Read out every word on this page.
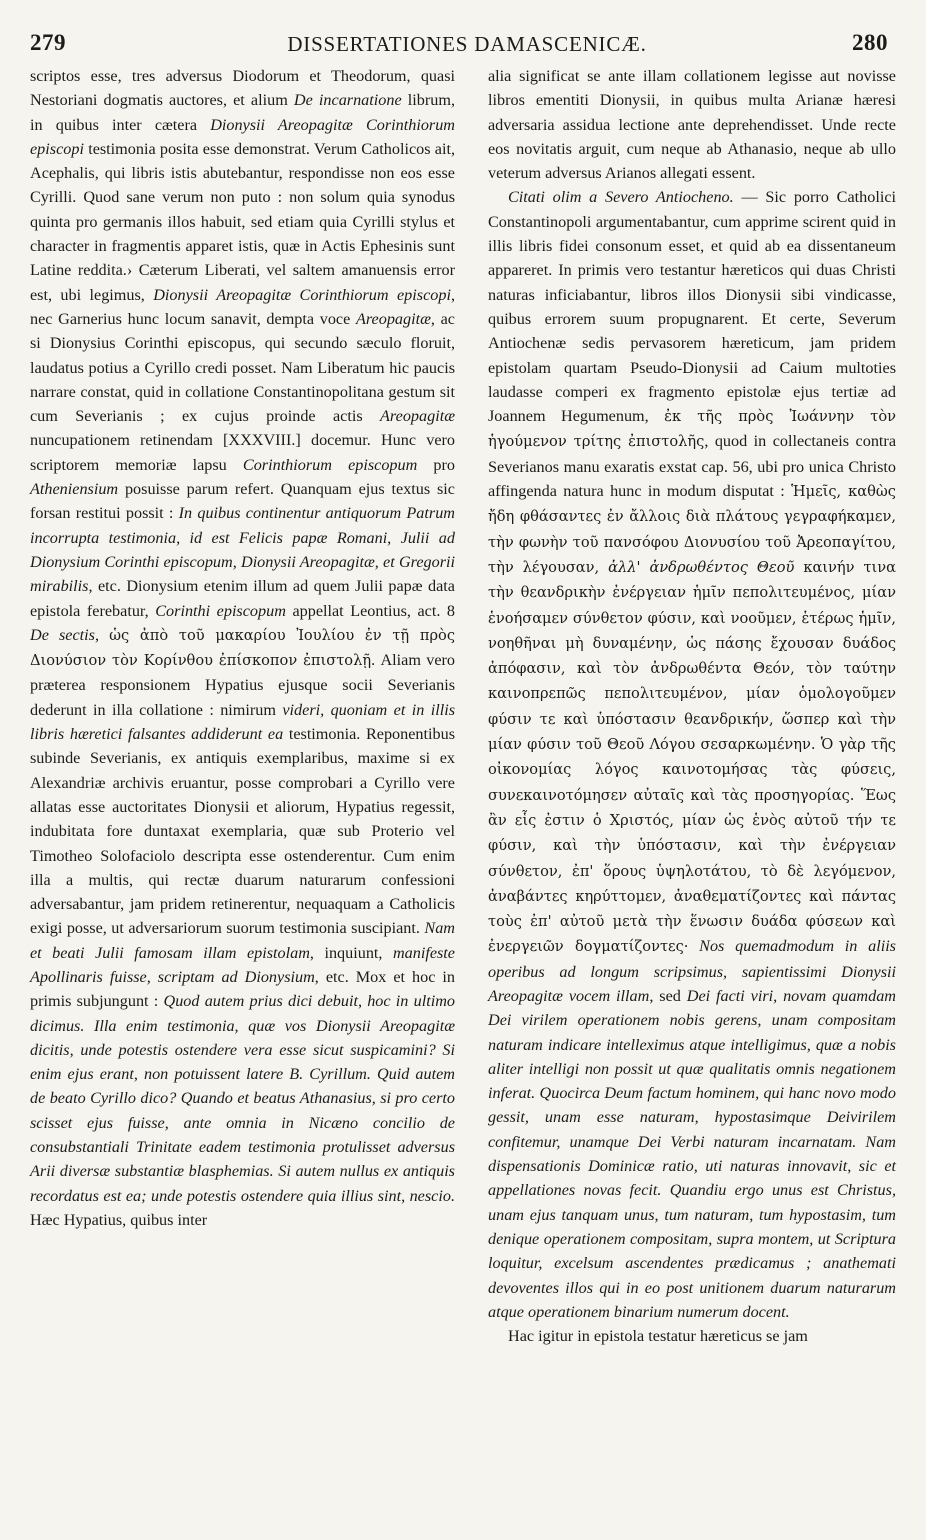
279	DISSERTATIONES DAMASCENICÆ.	280

scriptos esse, tres adversus Diodorum et Theodorum, quasi Nestoriani dogmatis auctores, et alium De incarnatione librum, in quibus inter cætera Dionysii Areopagitæ Corinthiorum episcopi testimonia posita esse demonstrat. Verum Catholicos ait, Acephalis, qui libris istis abutebantur, respondisse non eos esse Cyrilli. Quod sane verum non puto : non solum quia synodus quinta pro germanis illos habuit, sed etiam quia Cyrilli stylus et character in fragmentis apparet istis, quæ in Actis Ephesinis sunt Latine reddita.› Cæterum Liberati, vel saltem amanuensis error est, ubi legimus, Dionysii Areopagitæ Corinthiorum episcopi, nec Garnerius hunc locum sanavit, dempta voce Areopagitæ, ac si Dionysius Corinthi episcopus, qui secundo sæculo floruit, laudatus potius a Cyrillo credi posset. Nam Liberatum hic paucis narrare constat, quid in collatione Constantinopolitana gestum sit cum Severianis ; ex cujus proinde actis Areopagitæ nuncupationem retinendam [XXXVIII.] docemur. Hunc vero scriptorem memoriæ lapsu Corinthiorum episcopum pro Atheniensium posuisse parum refert. Quanquam ejus textus sic forsan restitui possit : In quibus continentur antiquorum Patrum incorrupta testimonia, id est Felicis papæ Romani, Julii ad Dionysium Corinthi episcopum, Dionysii Areopagitæ, et Gregorii mirabilis, etc. Dionysium etenim illum ad quem Julii papæ data epistola ferebatur, Corinthi episcopum appellat Leontius, act. 8 De sectis, ὡς ἀπὸ τοῦ μακαρίου Ἰουλίου ἐν τῇ πρὸς Διονύσιον τὸν Κορίνθου ἐπίσκοπον ἐπιστολῇ. Aliam vero præterea responsionem Hypatius ejusque socii Severianis dederunt in illa collatione : nimirum videri, quoniam et in illis libris hæretici falsantes addiderunt ea testimonia. Reponentibus subinde Severianis, ex antiquis exemplaribus, maxime si ex Alexandriæ archivis eruantur, posse comprobari a Cyrillo vere allatas esse auctoritates Dionysii et aliorum, Hypatius regessit, indubitata fore duntaxat exemplaria, quæ sub Proterio vel Timotheo Solofaciolo descripta esse ostenderentur. Cum enim illa a multis, qui rectæ duarum naturarum confessioni adversabantur, jam pridem retinerentur, nequaquam a Catholicis exigi posse, ut adversariorum suorum testimonia suscipiant. Nam et beati Julii famosam illam epistolam, inquiunt, manifeste Apollinaris fuisse, scriptam ad Dionysium, etc. Mox et hoc in primis subjungunt : Quod autem prius dici debuit, hoc in ultimo dicimus. Illa enim testimonia, quæ vos Dionysii Areopagitæ dicitis, unde potestis ostendere vera esse sicut suspicamini? Si enim ejus erant, non potuissent latere B. Cyrillum. Quid autem de beato Cyrillo dico? Quando et beatus Athanasius, si pro certo scisset ejus fuisse, ante omnia in Nicæno concilio de consubstantiali Trinitate eadem testimonia protulisset adversus Arii diversæ substantiæ blasphemias. Si autem nullus ex antiquis recordatus est ea; unde potestis ostendere quia illius sint, nescio. Hæc Hypatius, quibus inter

alia significat se ante illam collationem legisse aut novisse libros ementiti Dionysii, in quibus multa Arianæ hæresi adversaria assidua lectione ante deprehendisset. Unde recte eos novitatis arguit, cum neque ab Athanasio, neque ab ullo veterum adversus Arianos allegati essent.

Citati olim a Severo Antiocheno. — Sic porro Catholici Constantinopoli argumentabantur, cum apprime scirent quid in illis libris fidei consonum esset, et quid ab ea dissentaneum appareret. In primis vero testantur hæreticos qui duas Christi naturas inficiabantur, libros illos Dionysii sibi vindicasse, quibus errorem suum propugnarent. Et certe, Severum Antiochenæ sedis pervasorem hæreticum, jam pridem epistolam quartam Pseudo-Dionysii ad Caium multoties laudasse comperi ex fragmento epistolæ ejus tertiæ ad Joannem Hegumenum, ἐκ τῆς πρὸς Ἰωάννην τὸν ἡγούμενον τρίτης ἐπιστολῆς, quod in collectaneis contra Severianos manu exaratis exstat cap. 56, ubi pro unica Christo affingenda natura hunc in modum disputat : Ἡμεῖς, καθὼς ἤδη φθάσαντες ἐν ἄλλοις διὰ πλάτους γεγραφήκαμεν, τὴν φωνὴν τοῦ πανσόφου Διονυσίου τοῦ Ἀρεοπαγίτου, τὴν λέγουσαν, ἀλλ' ἀνδρωθέντος Θεοῦ καινήν τινα τὴν θεανδρικὴν ἐνέργειαν ἡμῖν πεπολιτευμένος, μίαν ἑνοήσαμεν σύνθετον φύσιν, καὶ νοοῦμεν, ἑτέρως ἡμῖν, νοηθῆναι μὴ δυναμένην, ὡς πάσης ἔχουσαν δυάδος ἀπόφασιν, καὶ τὸν ἀνδρωθέντα Θεόν, τὸν ταύτην καινοπρεπῶς πεπολιτευμένον, μίαν ὁμολογοῦμεν φύσιν τε καὶ ὑπόστασιν θεανδρικήν, ὥσπερ καὶ τὴν μίαν φύσιν τοῦ Θεοῦ Λόγου σεσαρκωμένην. Ὁ γὰρ τῆς οἰκονομίας λόγος καινοτομήσας τὰς φύσεις, συνεκαινοτόμησεν αὐταῖς καὶ τὰς προσηγορίας. Ἕως ἂν εἷς ἐστιν ὁ Χριστός, μίαν ὡς ἑνὸς αὐτοῦ τήν τε φύσιν, καὶ τὴν ὑπόστασιν, καὶ τὴν ἐνέργειαν σύνθετον, ἐπ' ὅρους ὑψηλοτάτου, τὸ δὲ λεγόμενον, ἀναβάντες κηρύττομεν, ἀναθεματίζοντες καὶ πάντας τοὺς ἐπ' αὐτοῦ μετὰ τὴν ἕνωσιν δυάδα φύσεων καὶ ἐνεργειῶν δογματίζοντες· Nos quemadmodum in aliis operibus ad longum scripsimus, sapientissimi Dionysii Areopagitæ vocem illam, sed Dei facti viri, novam quamdam Dei virilem operationem nobis gerens, unam compositam naturam indicare intelleximus atque intelligimus, quæ a nobis aliter intelligi non possit ut quæ qualitatis omnis negationem inferat. Quocirca Deum factum hominem, qui hanc novo modo gessit, unam esse naturam, hypostasimque Deivirilem confitemur, unamque Dei Verbi naturam incarnatam. Nam dispensationis Dominicæ ratio, uti naturas innovavit, sic et appellationes novas fecit. Quandiu ergo unus est Christus, unam ejus tanquam unus, tum naturam, tum hypostasim, tum denique operationem compositam, supra montem, ut Scriptura loquitur, excelsum ascendentes prædicamus ; anathemati devoventes illos qui in eo post unitionem duarum naturarum atque operationem binarium numerum docent.

Hac igitur in epistola testatur hæreticus se jam
